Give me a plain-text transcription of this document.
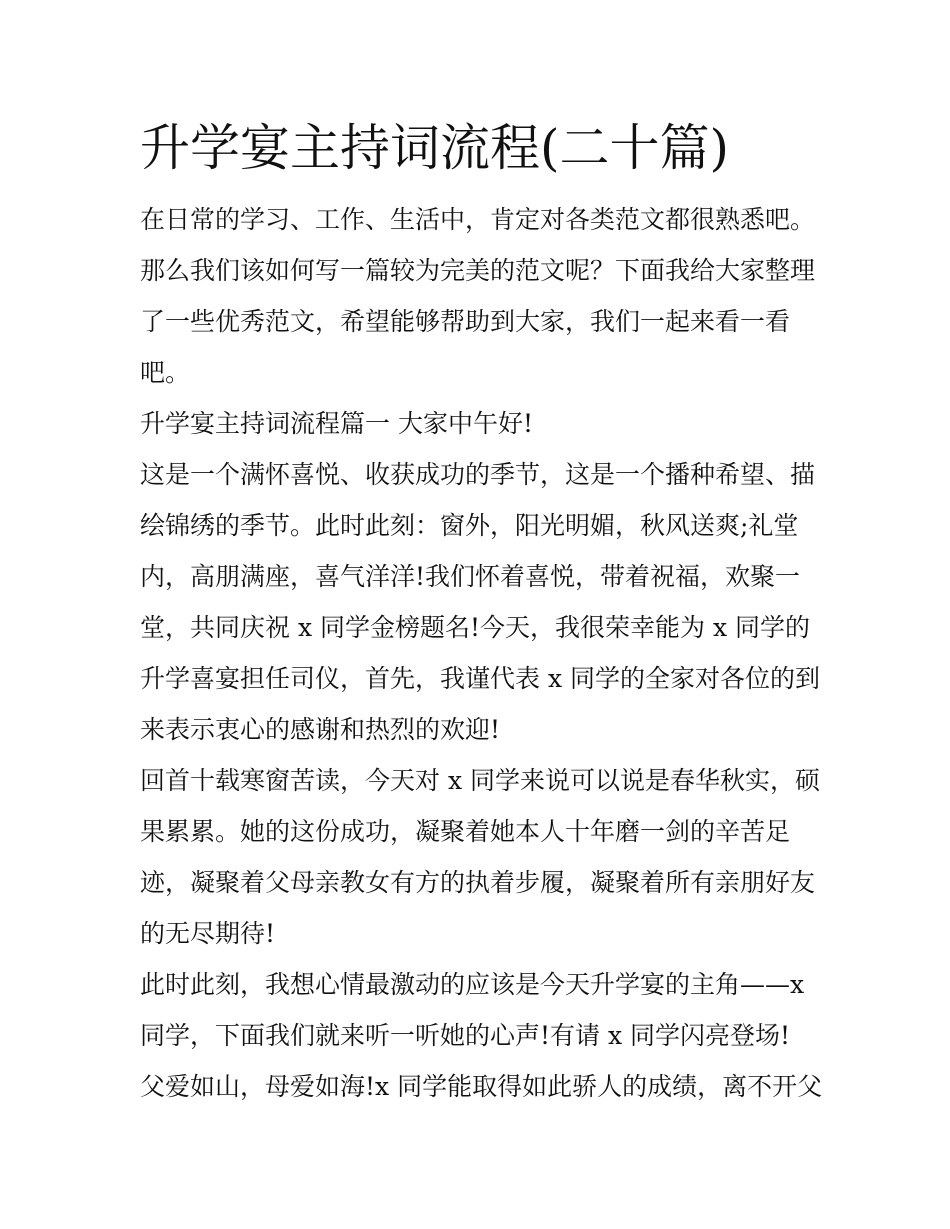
升学宴主持词流程(二十篇)

在日常的学习、工作、生活中，肯定对各类范文都很熟悉吧。

那么我们该如何写一篇较为完美的范文呢？下面我给大家整理

了一些优秀范文，希望能够帮助到大家，我们一起来看一看

吧。

升学宴主持词流程篇一 大家中午好!

这是一个满怀喜悦、收获成功的季节，这是一个播种希望、描

绘锦绣的季节。此时此刻：窗外，阳光明媚，秋风送爽;礼堂

内，高朋满座，喜气洋洋!我们怀着喜悦，带着祝福，欢聚一

堂，共同庆祝 x 同学金榜题名!今天，我很荣幸能为 x 同学的

升学喜宴担任司仪，首先，我谨代表 x 同学的全家对各位的到

来表示衷心的感谢和热烈的欢迎!

回首十载寒窗苦读，今天对 x 同学来说可以说是春华秋实，硕

果累累。她的这份成功，凝聚着她本人十年磨一剑的辛苦足

迹，凝聚着父母亲教女有方的执着步履，凝聚着所有亲朋好友

的无尽期待!

此时此刻，我想心情最激动的应该是今天升学宴的主角——x

同学，下面我们就来听一听她的心声!有请 x 同学闪亮登场!

父爱如山，母爱如海!x 同学能取得如此骄人的成绩，离不开父
